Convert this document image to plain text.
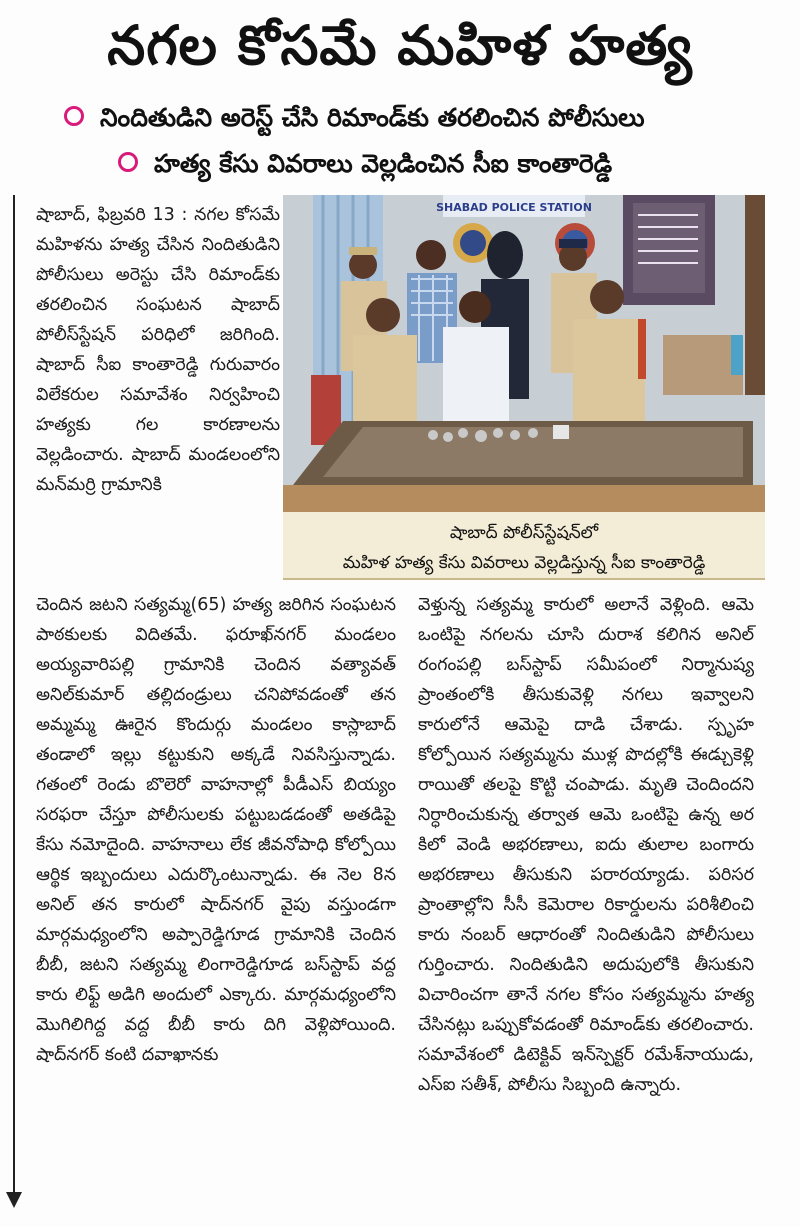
నగల కోసమే మహిళ హత్య
నిందితుడిని అరెస్ట్ చేసి రిమాండ్‌కు తరలించిన పోలీసులు
హత్య కేసు వివరాలు వెల్లడించిన సీఐ కాంతారెడ్డి

షాబాద్, ఫిబ్రవరి 13 : నగల కోసమే మహిళను హత్య చేసిన నిందితుడిని పోలీసులు అరెస్టు చేసి రిమాండ్‌కు తరలించిన సంఘటన షాబాద్ పోలీస్‌స్టేషన్ పరిధిలో జరిగింది. షాబాద్ సీఐ కాంతారెడ్డి గురువారం విలేకరుల సమావేశం నిర్వహించి హత్యకు గల కారణాలను వెల్లడించారు. షాబాద్ మండలంలోని మన్‌మర్రి గ్రామానికి

SHABAD POLICE STATION
షాబాద్ పోలీస్‌స్టేషన్‌లో
మహిళ హత్య కేసు వివరాలు వెల్లడిస్తున్న సీఐ కాంతారెడ్డి

చెందిన జటని సత్యమ్మ(65) హత్య జరిగిన సంఘటన పాఠకులకు విదితమే. ఫరూఖ్‌నగర్ మండలం అయ్యవారిపల్లి గ్రామానికి చెందిన వత్యావత్ అనిల్‌కుమార్ తల్లిదండ్రులు చనిపోవడంతో తన అమ్మమ్మ ఊరైన కొందుర్గు మండలం కాస్లాబాద్ తండాలో ఇల్లు కట్టుకుని అక్కడే నివసిస్తున్నాడు. గతంలో రెండు బొలెరో వాహనాల్లో పీడీఎస్ బియ్యం సరఫరా చేస్తూ పోలీసులకు పట్టుబడడంతో అతడిపై కేసు నమోదైంది. వాహనాలు లేక జీవనోపాధి కోల్పోయి ఆర్థిక ఇబ్బందులు ఎదుర్కొంటున్నాడు. ఈ నెల 8న అనిల్ తన కారులో షాద్‌నగర్ వైపు వస్తుండగా మార్గమధ్యంలోని అప్పారెడ్డిగూడ గ్రామానికి చెందిన బీబీ, జటని సత్యమ్మ లింగారెడ్డిగూడ బస్‌స్టాప్ వద్ద కారు లిఫ్ట్ అడిగి అందులో ఎక్కారు. మార్గమధ్యంలోని మొగిలిగిద్ద వద్ద బీబీ కారు దిగి వెళ్లిపోయింది. షాద్‌నగర్ కంటి దవాఖానకు

వెళ్తున్న సత్యమ్మ కారులో అలానే వెళ్లింది. ఆమె ఒంటిపై నగలను చూసి దురాశ కలిగిన అనిల్ రంగంపల్లి బస్‌స్టాప్ సమీపంలో నిర్మానుష్య ప్రాంతంలోకి తీసుకువెళ్లి నగలు ఇవ్వాలని కారులోనే ఆమెపై దాడి చేశాడు. స్పృహ కోల్పోయిన సత్యమ్మను ముళ్ల పొదల్లోకి ఈడ్చుకెళ్లి రాయితో తలపై కొట్టి చంపాడు. మృతి చెందిందని నిర్ధారించుకున్న తర్వాత ఆమె ఒంటిపై ఉన్న అర కిలో వెండి అభరణాలు, ఐదు తులాల బంగారు అభరణాలు తీసుకుని పరారయ్యాడు. పరిసర ప్రాంతాల్లోని సీసీ కెమెరాల రికార్డులను పరిశీలించి కారు నంబర్ ఆధారంతో నిందితుడిని పోలీసులు గుర్తించారు. నిందితుడిని అదుపులోకి తీసుకుని విచారించగా తానే నగల కోసం సత్యమ్మను హత్య చేసినట్లు ఒప్పుకోవడంతో రిమాండ్‌కు తరలించారు. సమావేశంలో డిటెక్టివ్ ఇన్‌స్పెక్టర్ రమేశ్‌నాయుడు, ఎస్ఐ సతీశ్, పోలీసు సిబ్బంది ఉన్నారు.
